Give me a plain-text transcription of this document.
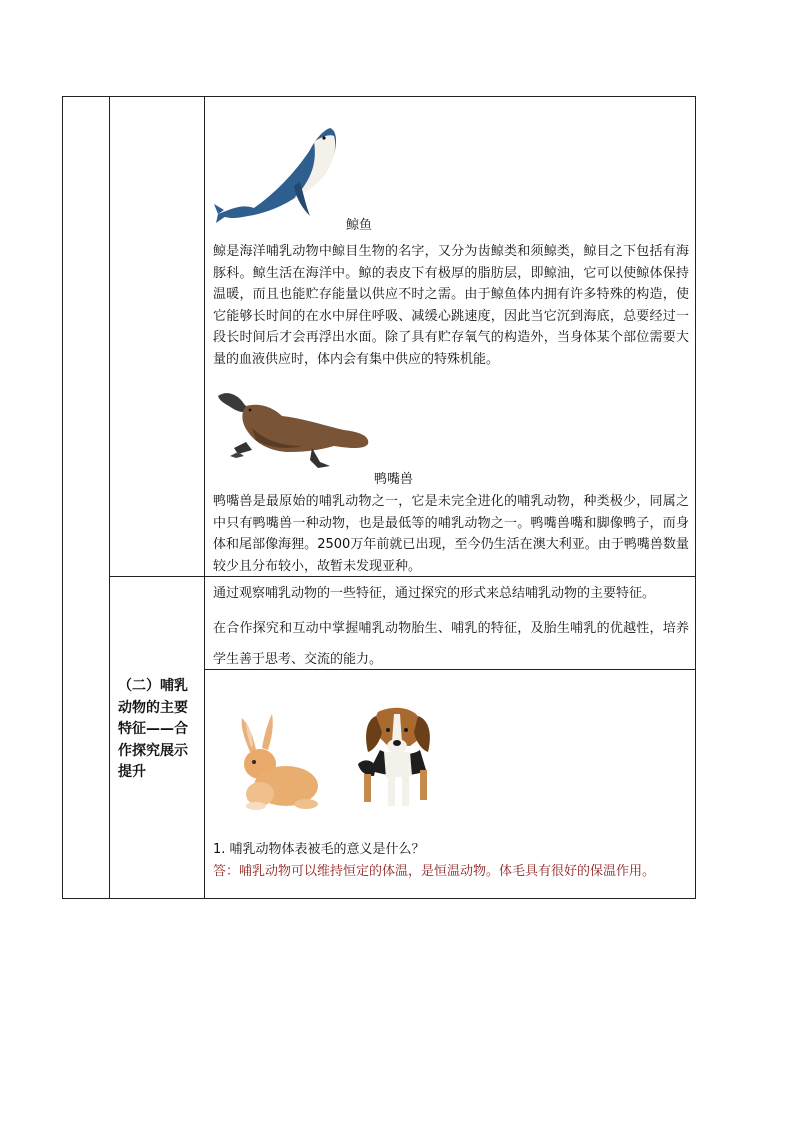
鲸鱼
鲸是海洋哺乳动物中鲸目生物的名字，又分为齿鲸类和须鲸类，鲸目之下包括有海豚科。鲸生活在海洋中。鲸的表皮下有极厚的脂肪层，即鲸油，它可以使鲸体保持温暖，而且也能贮存能量以供应不时之需。由于鲸鱼体内拥有许多特殊的构造，使它能够长时间的在水中屏住呼吸、减缓心跳速度，因此当它沉到海底，总要经过一段长时间后才会再浮出水面。除了具有贮存氧气的构造外，当身体某个部位需要大量的血液供应时，体内会有集中供应的特殊机能。
鸭嘴兽
鸭嘴兽是最原始的哺乳动物之一，它是未完全进化的哺乳动物，种类极少，同属之中只有鸭嘴兽一种动物，也是最低等的哺乳动物之一。鸭嘴兽嘴和脚像鸭子，而身体和尾部像海狸。2500万年前就已出现，至今仍生活在澳大利亚。由于鸭嘴兽数量较少且分布较小，故暂未发现亚种。
（二）哺乳动物的主要特征——合作探究展示提升
通过观察哺乳动物的一些特征，通过探究的形式来总结哺乳动物的主要特征。
在合作探究和互动中掌握哺乳动物胎生、哺乳的特征，及胎生哺乳的优越性，培养学生善于思考、交流的能力。
1. 哺乳动物体表被毛的意义是什么？
答：哺乳动物可以维持恒定的体温，是恒温动物。体毛具有很好的保温作用。
